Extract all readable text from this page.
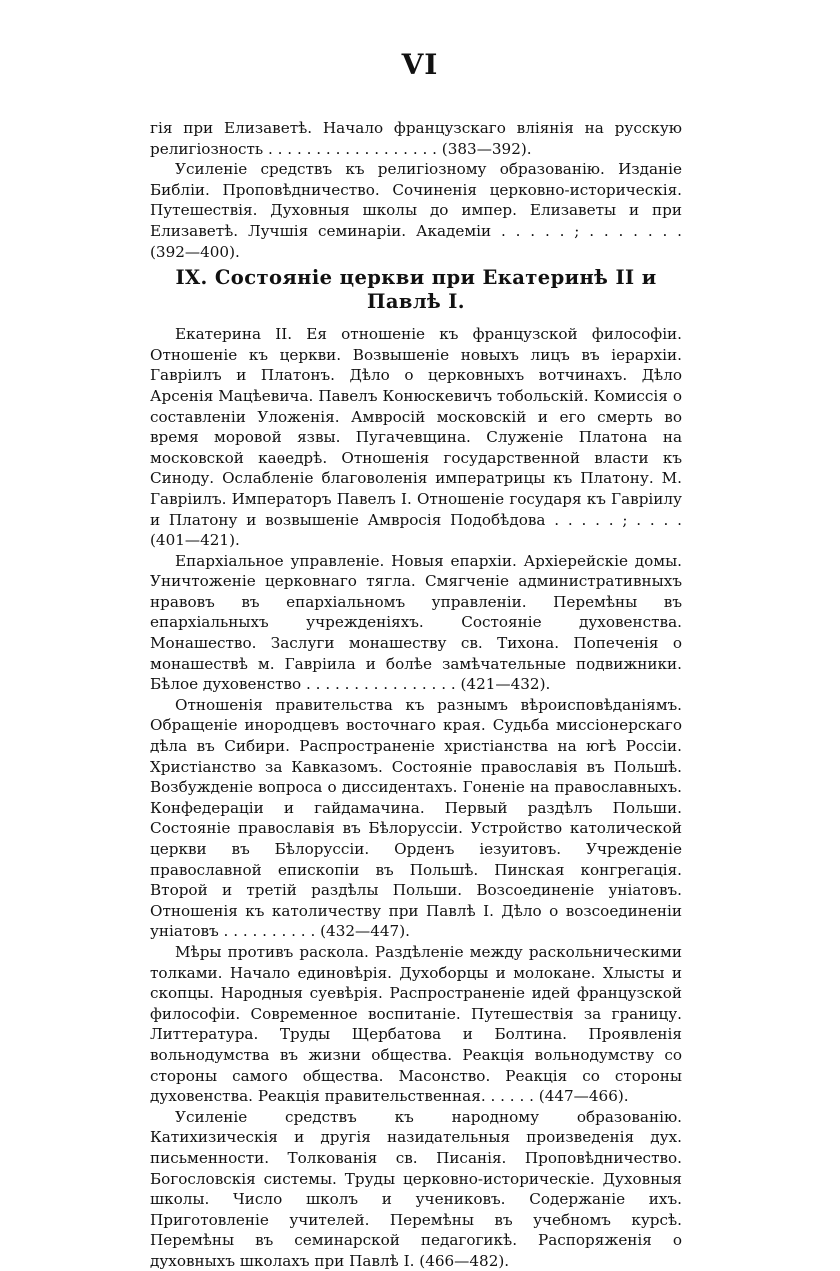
VI

гія при Елизаветѣ. Начало французскаго вліянія на русскую религіозность . . . . . . . . . . . . . . . . . . (383—392).

Усиленіе средствъ къ религіозному образованію. Изданіе Библіи. Проповѣдничество. Сочиненія церковно-историческія. Путешествія. Духовныя школы до импер. Елизаветы и при Елизаветѣ. Лучшія семинаріи. Академіи . . . . . ; . . . . . . . (392—400).

IX. Состояніе церкви при Екатеринѣ II и Павлѣ I.

Екатерина II. Ея отношеніе къ французской философіи. Отношеніе къ церкви. Возвышеніе новыхъ лицъ въ іерархіи. Гавріилъ и Платонъ. Дѣло о церковныхъ вотчинахъ. Дѣло Арсенія Мацѣевича. Павелъ Конюскевичъ тобольскій. Комиссія о составленіи Уложенія. Амвросій московскій и его смерть во время моровой язвы. Пугачевщина. Служеніе Платона на московской каѳедрѣ. Отношенія государственной власти къ Синоду. Ослабленіе благоволенія императрицы къ Платону. М. Гавріилъ. Императоръ Павелъ I. Отношеніе государя къ Гавріилу и Платону и возвышеніе Амвросія Подобѣдова . . . . . ; . . . . (401—421).

Епархіальное управленіе. Новыя епархіи. Архіерейскіе домы. Уничтоженіе церковнаго тягла. Смягченіе административныхъ нравовъ въ епархіальномъ управленіи. Перемѣны въ епархіальныхъ учрежденіяхъ. Состояніе духовенства. Монашество. Заслуги монашеству св. Тихона. Попеченія о монашествѣ м. Гавріила и болѣе замѣчательные подвижники. Бѣлое духовенство . . . . . . . . . . . . . . . . (421—432).

Отношенія правительства къ разнымъ вѣроисповѣданіямъ. Обращеніе инородцевъ восточнаго края. Судьба миссіонерскаго дѣла въ Сибири. Распространеніе христіанства на югѣ Россіи. Христіанство за Кавказомъ. Состояніе православія въ Польшѣ. Возбужденіе вопроса о диссидентахъ. Гоненіе на православныхъ. Конфедераціи и гайдамачина. Первый раздѣлъ Польши. Состояніе православія въ Бѣлоруссіи. Устройство католической церкви въ Бѣлоруссіи. Орденъ іезуитовъ. Учрежденіе православной епископіи въ Польшѣ. Пинская конгрегація. Второй и третій раздѣлы Польши. Возсоединеніе уніатовъ. Отношенія къ католичеству при Павлѣ I. Дѣло о возсоединеніи уніатовъ . . . . . . . . . . (432—447).

Мѣры противъ раскола. Раздѣленіе между раскольническими толками. Начало единовѣрія. Духоборцы и молокане. Хлысты и скопцы. Народныя суевѣрія. Распространеніе идей французской философіи. Современное воспитаніе. Путешествія за границу. Литтература. Труды Щербатова и Болтина. Проявленія вольнодумства въ жизни общества. Реакція вольнодумству со стороны самого общества. Масонство. Реакція со стороны духовенства. Реакція правительственная. . . . . . (447—466).

Усиленіе средствъ къ народному образованію. Катихизическія и другія назидательныя произведенія дух. письменности. Толкованія св. Писанія. Проповѣдничество. Богословскія системы. Труды церковно-историческіе. Духовныя школы. Число школъ и учениковъ. Содержаніе ихъ. Приготовленіе учителей. Перемѣны въ учебномъ курсѣ. Перемѣны въ семинарской педагогикѣ. Распоряженія о духовныхъ школахъ при Павлѣ I. (466—482).
